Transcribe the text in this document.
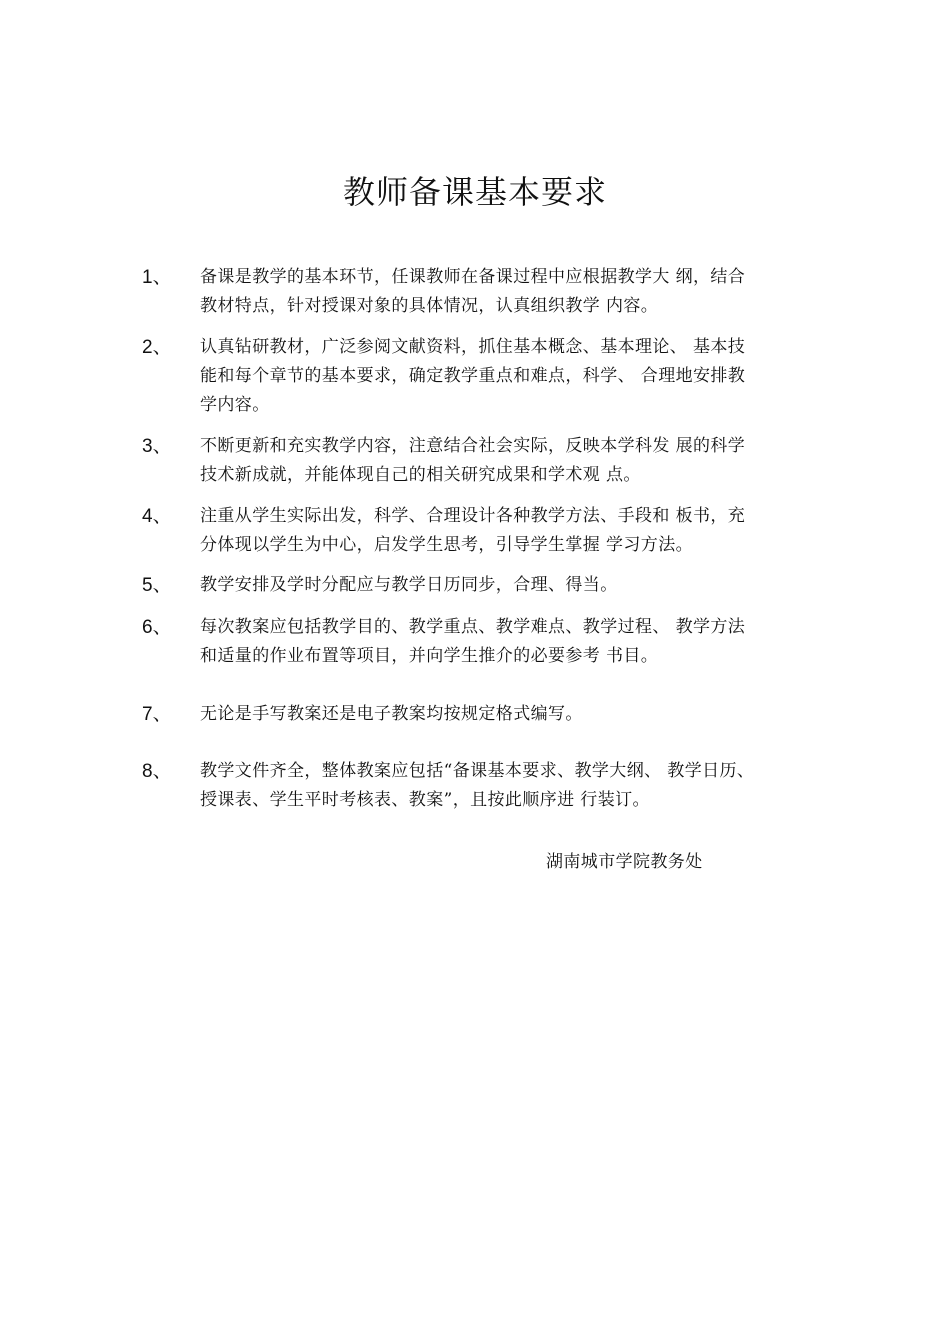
教师备课基本要求
1、 备课是教学的基本环节，任课教师在备课过程中应根据教学大 纲，结合
教材特点，针对授课对象的具体情况，认真组织教学 内容。
2、 认真钻研教材，广泛参阅文献资料，抓住基本概念、基本理论、 基本技
能和每个章节的基本要求，确定教学重点和难点，科学、 合理地安排教
学内容。
3、 不断更新和充实教学内容，注意结合社会实际，反映本学科发 展的科学
技术新成就，并能体现自己的相关研究成果和学术观 点。
4、 注重从学生实际出发，科学、合理设计各种教学方法、手段和 板书，充
分体现以学生为中心，启发学生思考，引导学生掌握 学习方法。
5、 教学安排及学时分配应与教学日历同步，合理、得当。
6、 每次教案应包括教学目的、教学重点、教学难点、教学过程、 教学方法
和适量的作业布置等项目，并向学生推介的必要参考 书目。
7、 无论是手写教案还是电子教案均按规定格式编写。
8、 教学文件齐全，整体教案应包括“备课基本要求、教学大纲、 教学日历、
授课表、学生平时考核表、教案”，且按此顺序进 行装订。
湖南城市学院教务处
